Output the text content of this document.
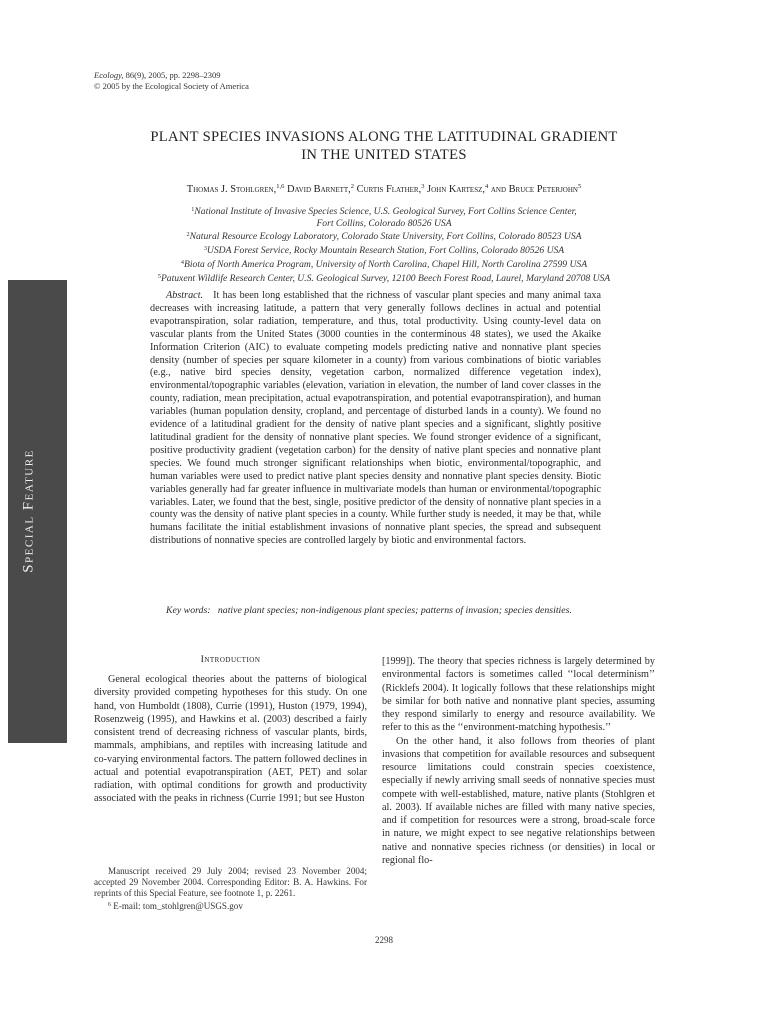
Special Feature
Ecology, 86(9), 2005, pp. 2298–2309
© 2005 by the Ecological Society of America
PLANT SPECIES INVASIONS ALONG THE LATITUDINAL GRADIENT
IN THE UNITED STATES
Thomas J. Stohlgren,$^{1,6}$ David Barnett,$^2$ Curtis Flather,$^3$ John Kartesz,$^4$ and Bruce Peterjohn$^5$
$^1$National Institute of Invasive Species Science, U.S. Geological Survey, Fort Collins Science Center,
Fort Collins, Colorado 80526 USA
$^2$Natural Resource Ecology Laboratory, Colorado State University, Fort Collins, Colorado 80523 USA
$^3$USDA Forest Service, Rocky Mountain Research Station, Fort Collins, Colorado 80526 USA
$^4$Biota of North America Program, University of North Carolina, Chapel Hill, North Carolina 27599 USA
$^5$Patuxent Wildlife Research Center, U.S. Geological Survey, 12100 Beech Forest Road, Laurel, Maryland 20708 USA
Abstract. It has been long established that the richness of vascular plant species and many animal taxa decreases with increasing latitude, a pattern that very generally follows declines in actual and potential evapotranspiration, solar radiation, temperature, and thus, total productivity. Using county-level data on vascular plants from the United States (3000 counties in the conterminous 48 states), we used the Akaike Information Criterion (AIC) to evaluate competing models predicting native and nonnative plant species density (number of species per square kilometer in a county) from various combinations of biotic variables (e.g., native bird species density, vegetation carbon, normalized difference vegetation index), environmental/topographic variables (elevation, variation in elevation, the number of land cover classes in the county, radiation, mean precipitation, actual evapotranspiration, and potential evapotranspiration), and human variables (human population density, cropland, and percentage of disturbed lands in a county). We found no evidence of a latitudinal gradient for the density of native plant species and a significant, slightly positive latitudinal gradient for the density of nonnative plant species. We found stronger evidence of a significant, positive productivity gradient (vegetation carbon) for the density of native plant species and nonnative plant species. We found much stronger significant relationships when biotic, environmental/topographic, and human variables were used to predict native plant species density and nonnative plant species density. Biotic variables generally had far greater influence in multivariate models than human or environmental/topographic variables. Later, we found that the best, single, positive predictor of the density of nonnative plant species in a county was the density of native plant species in a county. While further study is needed, it may be that, while humans facilitate the initial establishment invasions of nonnative plant species, the spread and subsequent distributions of nonnative species are controlled largely by biotic and environmental factors.
Key words: native plant species; non-indigenous plant species; patterns of invasion; species densities.
Introduction

General ecological theories about the patterns of biological diversity provided competing hypotheses for this study. On one hand, von Humboldt (1808), Currie (1991), Huston (1979, 1994), Rosenzweig (1995), and Hawkins et al. (2003) described a fairly consistent trend of decreasing richness of vascular plants, birds, mammals, amphibians, and reptiles with increasing latitude and co-varying environmental factors. The pattern followed declines in actual and potential evapotranspiration (AET, PET) and solar radiation, with optimal conditions for growth and productivity associated with the peaks in richness (Currie 1991; but see Huston

[1999]). The theory that species richness is largely determined by environmental factors is sometimes called ‘‘local determinism’’ (Ricklefs 2004). It logically follows that these relationships might be similar for both native and nonnative plant species, assuming they respond similarly to energy and resource availability. We refer to this as the ‘‘environment-matching hypothesis.’’

On the other hand, it also follows from theories of plant invasions that competition for available resources and subsequent resource limitations could constrain species coexistence, especially if newly arriving small seeds of nonnative species must compete with well-established, mature, native plants (Stohlgren et al. 2003). If available niches are filled with many native species, and if competition for resources were a strong, broad-scale force in nature, we might expect to see negative relationships between native and nonnative species richness (or densities) in local or regional flo-

Manuscript received 29 July 2004; revised 23 November 2004; accepted 29 November 2004. Corresponding Editor: B. A. Hawkins. For reprints of this Special Feature, see footnote 1, p. 2261.

$^6$ E-mail: tom_stohlgren@USGS.gov

2298
